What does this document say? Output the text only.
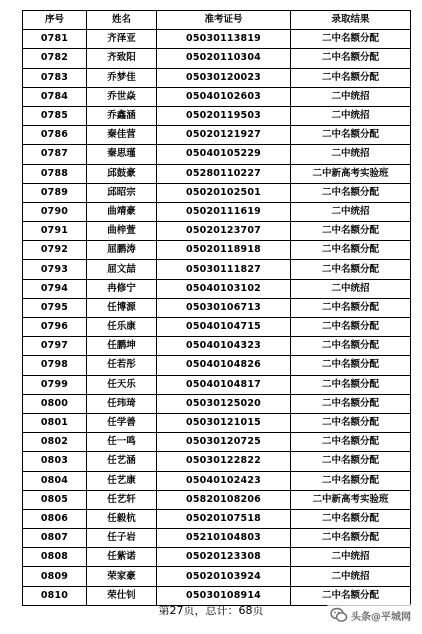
序号	姓名	准考证号	录取结果
0781	齐泽亚	05030113819	二中名额分配
0782	齐致阳	05020110304	二中名额分配
0783	乔梦佳	05030120023	二中名额分配
0784	乔世焱	05040102603	二中统招
0785	乔鑫涵	05020119503	二中统招
0786	秦佳营	05020121927	二中名额分配
0787	秦思瑾	05040105229	二中统招
0788	邱鼓豪	05280110227	二中新高考实验班
0789	邱昭宗	05020102501	二中名额分配
0790	曲靖豪	05020111619	二中统招
0791	曲梓萱	05020123707	二中名额分配
0792	屈鹏涛	05020118918	二中名额分配
0793	屈文喆	05030111827	二中名额分配
0794	冉修宁	05040103102	二中统招
0795	任博源	05030106713	二中名额分配
0796	任乐康	05040104715	二中名额分配
0797	任鹏坤	05040104323	二中名额分配
0798	任若彤	05040104826	二中名额分配
0799	任天乐	05040104817	二中名额分配
0800	任玮琦	05030125020	二中名额分配
0801	任学善	05030121015	二中名额分配
0802	任一鸣	05030120725	二中名额分配
0803	任艺涵	05030122822	二中名额分配
0804	任艺康	05040102423	二中名额分配
0805	任艺轩	05820108206	二中新高考实验班
0806	任毅杭	05020107518	二中名额分配
0807	任子岩	05210104803	二中名额分配
0808	任紫诺	05020123308	二中统招
0809	荣家豪	05020103924	二中统招
0810	荣仕钊	05030108914	二中名额分配
第27页，总计：68页	头条@平城网
